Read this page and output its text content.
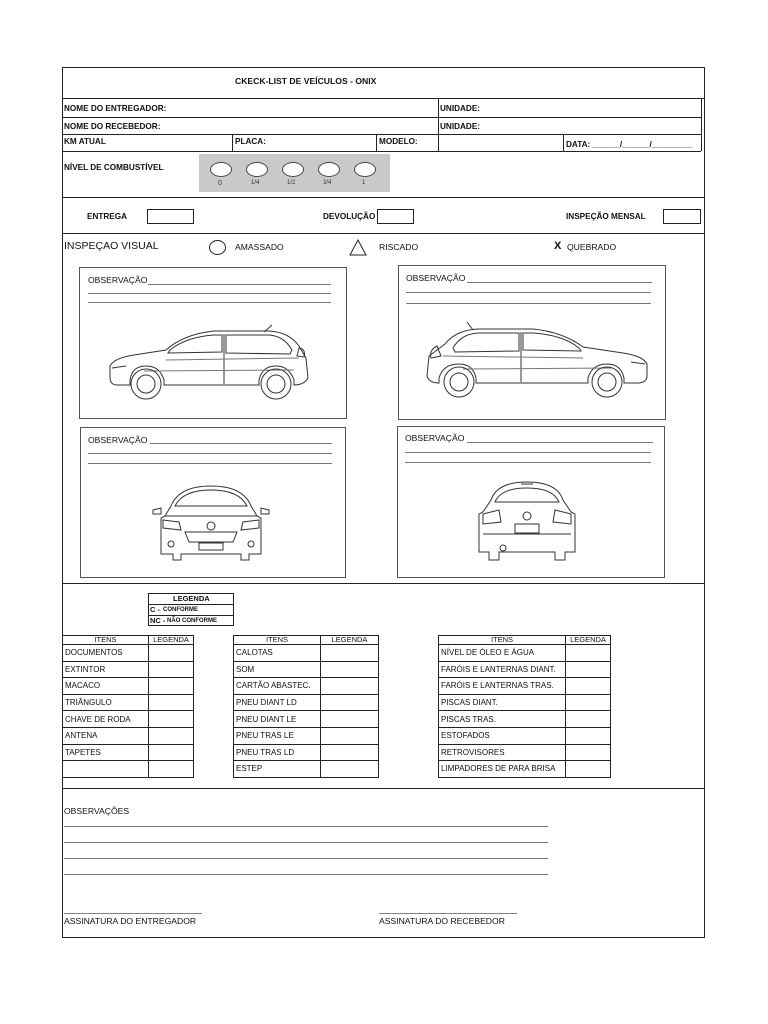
CKECK-LIST DE VEÍCULOS - ONIX
NOME DO ENTREGADOR:	UNIDADE:
NOME DO RECEBEDOR:	UNIDADE:
KM ATUAL	PLACA:	MODELO:	DATA: ______/______/_________
NÍVEL DE COMBUSTÍVEL
0	1/4	1/2	3/4	1
ENTREGA	DEVOLUÇÃO	INSPEÇÃO MENSAL
INSPEÇAO VISUAL	AMASSADO	RISCADO	X QUEBRADO
OBSERVAÇÃO	OBSERVAÇÃO
OBSERVAÇÃO	OBSERVAÇÃO
LEGENDA
C - CONFORME
NC - NÃO CONFORME
ITENS	LEGENDA
DOCUMENTOS	
EXTINTOR	
MACACO	
TRIÂNGULO	
CHAVE DE RODA	
ANTENA	
TAPETES	

ITENS	LEGENDA
CALOTAS	
SOM	
CARTÃO ABASTEC.	
PNEU DIANT LD	
PNEU DIANT LE	
PNEU TRAS LE	
PNEU TRAS LD	
ESTEP	
ITENS	LEGENDA
NÍVEL DE ÓLEO E ÁGUA	
FARÓIS E LANTERNAS DIANT.	
FARÓIS E LANTERNAS TRAS.	
PISCAS DIANT.	
PISCAS TRAS.	
ESTOFADOS	
RETROVISORES	
LIMPADORES DE PARA BRISA	
OBSERVAÇÕES
_______________________________
ASSINATURA DO ENTREGADOR
_______________________________
ASSINATURA DO RECEBEDOR
